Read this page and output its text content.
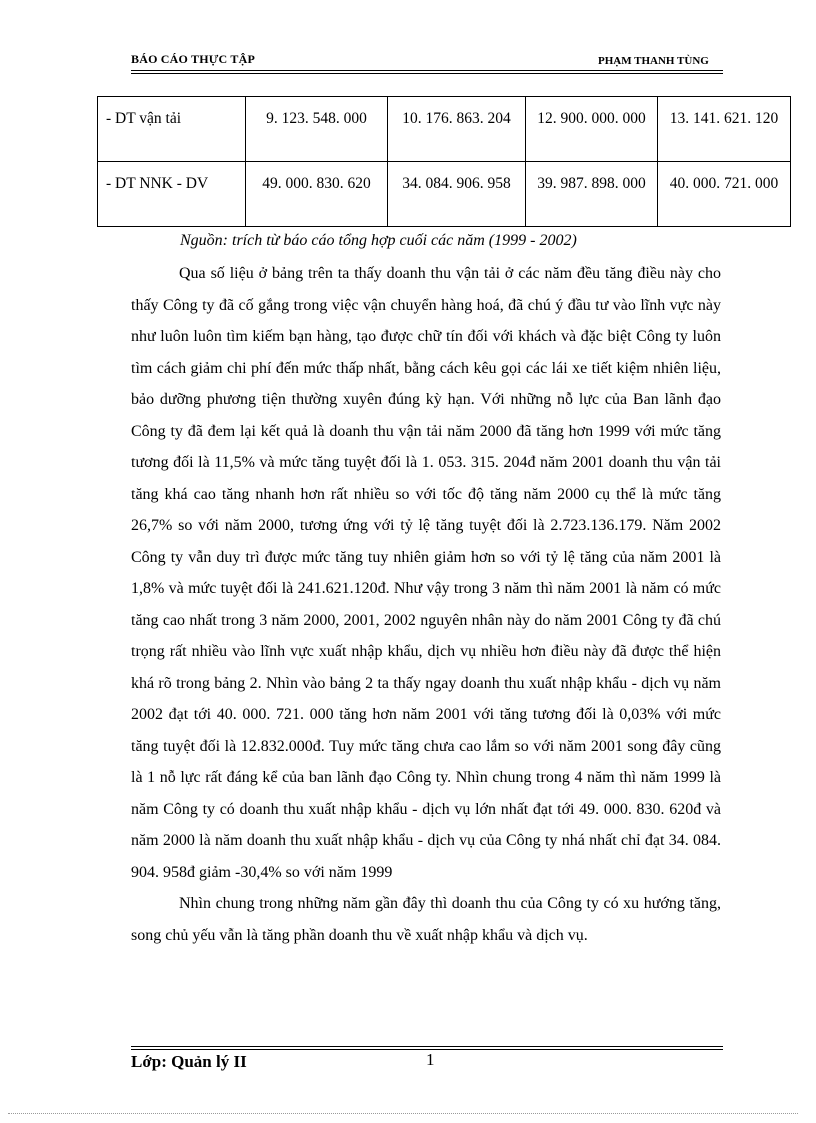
BÁO CÁO THỰC TẬP	PHẠM THANH TÙNG
- DT vận tải	9. 123. 548. 000	10. 176. 863. 204	12. 900. 000. 000	13. 141. 621. 120
- DT NNK - DV	49. 000. 830. 620	34. 084. 906. 958	39. 987. 898. 000	40. 000. 721. 000
Nguồn: trích từ báo cáo tổng hợp cuối các năm (1999 - 2002)

Qua số liệu ở bảng trên ta thấy doanh thu vận tải ở các năm đều tăng điều này cho thấy Công ty đã cố gắng trong việc vận chuyển hàng hoá, đã chú ý đầu tư vào lĩnh vực này như luôn luôn tìm kiếm bạn hàng, tạo được chữ tín đối với khách và đặc biệt Công ty luôn tìm cách giảm chi phí đến mức thấp nhất, bằng cách kêu gọi các lái xe tiết kiệm nhiên liệu, bảo dưỡng phương tiện thường xuyên đúng kỳ hạn. Với những nỗ lực của Ban lãnh đạo Công ty đã đem lại kết quả là doanh thu vận tải năm 2000 đã tăng hơn 1999 với mức tăng tương đối là 11,5% và mức tăng tuyệt đối là 1. 053. 315. 204đ năm 2001 doanh thu vận tải tăng khá cao tăng nhanh hơn rất nhiều so với tốc độ tăng năm 2000 cụ thể là mức tăng 26,7% so với năm 2000, tương ứng với tỷ lệ tăng tuyệt đối là 2.723.136.179. Năm 2002 Công ty vẫn duy trì được mức tăng tuy nhiên giảm hơn so với tỷ lệ tăng của năm 2001 là 1,8% và mức tuyệt đối là 241.621.120đ. Như vậy trong 3 năm thì năm 2001 là năm có mức tăng cao nhất trong 3 năm 2000, 2001, 2002 nguyên nhân này do năm 2001 Công ty đã chú trọng rất nhiều vào lĩnh vực xuất nhập khẩu, dịch vụ nhiều hơn điều này đã được thể hiện khá rõ trong bảng 2. Nhìn vào bảng 2 ta thấy ngay doanh thu xuất nhập khẩu - dịch vụ năm 2002 đạt tới 40. 000. 721. 000 tăng hơn năm 2001 với tăng tương đối là 0,03% với mức tăng tuyệt đối là 12.832.000đ. Tuy mức tăng chưa cao lắm so với năm 2001 song đây cũng là 1 nỗ lực rất đáng kể của ban lãnh đạo Công ty. Nhìn chung trong 4 năm thì năm 1999 là năm Công ty có doanh thu xuất nhập khẩu - dịch vụ lớn nhất đạt tới 49. 000. 830. 620đ và năm 2000 là năm doanh thu xuất nhập khẩu - dịch vụ của Công ty nhá nhất chỉ đạt 34. 084. 904. 958đ giảm -30,4% so với năm 1999

Nhìn chung trong những năm gần đây thì doanh thu của Công ty có xu hướng tăng, song chủ yếu vẫn là tăng phần doanh thu về xuất nhập khẩu và dịch vụ.

Lớp: Quản lý II	1
